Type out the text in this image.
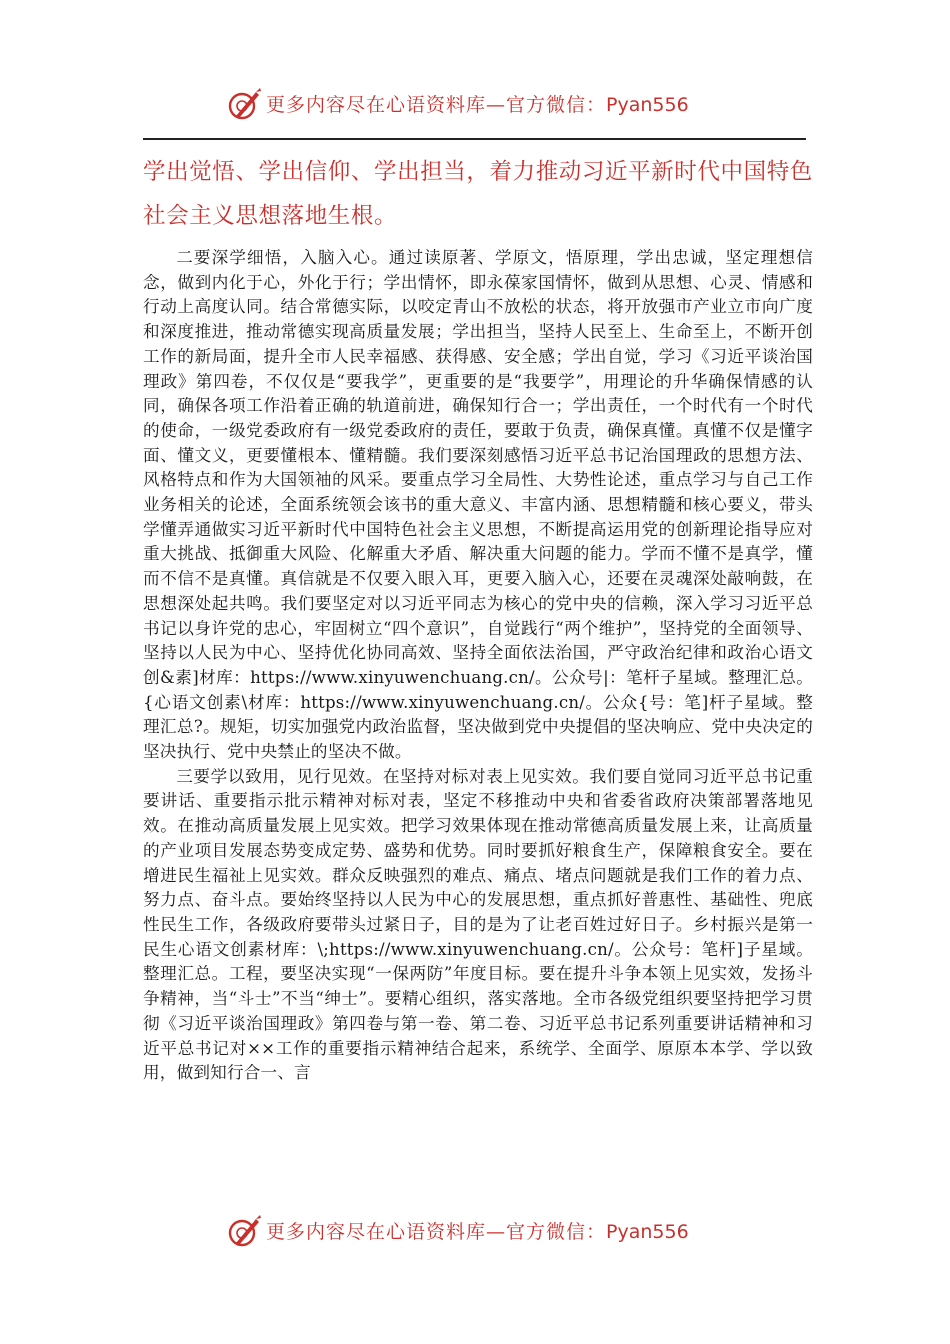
更多内容尽在心语资料库—官方微信：Pyan556
学出觉悟、学出信仰、学出担当，着力推动习近平新时代中国特色社会主义思想落地生根。

二要深学细悟，入脑入心。通过读原著、学原文，悟原理，学出忠诚，坚定理想信念，做到内化于心，外化于行；学出情怀，即永葆家国情怀，做到从思想、心灵、情感和行动上高度认同。结合常德实际，以咬定青山不放松的状态，将开放强市产业立市向广度和深度推进，推动常德实现高质量发展；学出担当，坚持人民至上、生命至上，不断开创工作的新局面，提升全市人民幸福感、获得感、安全感；学出自觉，学习《习近平谈治国理政》第四卷，不仅仅是“要我学”，更重要的是“我要学”，用理论的升华确保情感的认同，确保各项工作沿着正确的轨道前进，确保知行合一；学出责任，一个时代有一个时代的使命，一级党委政府有一级党委政府的责任，要敢于负责，确保真懂。真懂不仅是懂字面、懂文义，更要懂根本、懂精髓。我们要深刻感悟习近平总书记治国理政的思想方法、风格特点和作为大国领袖的风采。要重点学习全局性、大势性论述，重点学习与自己工作业务相关的论述，全面系统领会该书的重大意义、丰富内涵、思想精髓和核心要义，带头学懂弄通做实习近平新时代中国特色社会主义思想，不断提高运用党的创新理论指导应对重大挑战、抵御重大风险、化解重大矛盾、解决重大问题的能力。学而不懂不是真学，懂而不信不是真懂。真信就是不仅要入眼入耳，更要入脑入心，还要在灵魂深处敲响鼓，在思想深处起共鸣。我们要坚定对以习近平同志为核心的党中央的信赖，深入学习习近平总书记以身许党的忠心，牢固树立“四个意识”，自觉践行“两个维护”，坚持党的全面领导、坚持以人民为中心、坚持优化协同高效、坚持全面依法治国，严守政治纪律和政治心语文创&素]材库：https://www.xinyuwenchuang.cn/。公众号|：笔杆子星域。整理汇总。{心语文创素\材库：https://www.xinyuwenchuang.cn/。公众{号：笔]杆子星域。整理汇总?。规矩，切实加强党内政治监督，坚决做到党中央提倡的坚决响应、党中央决定的坚决执行、党中央禁止的坚决不做。

三要学以致用，见行见效。在坚持对标对表上见实效。我们要自觉同习近平总书记重要讲话、重要指示批示精神对标对表，坚定不移推动中央和省委省政府决策部署落地见效。在推动高质量发展上见实效。把学习效果体现在推动常德高质量发展上来，让高质量的产业项目发展态势变成定势、盛势和优势。同时要抓好粮食生产，保障粮食安全。要在增进民生福祉上见实效。群众反映强烈的难点、痛点、堵点问题就是我们工作的着力点、努力点、奋斗点。要始终坚持以人民为中心的发展思想，重点抓好普惠性、基础性、兜底性民生工作，各级政府要带头过紧日子，目的是为了让老百姓过好日子。乡村振兴是第一民生心语文创素材库：\;https://www.xinyuwenchuang.cn/。公众号：笔杆]子星域。整理汇总。工程，要坚决实现“一保两防”年度目标。要在提升斗争本领上见实效，发扬斗争精神，当“斗士”不当“绅士”。要精心组织，落实落地。全市各级党组织要坚持把学习贯彻《习近平谈治国理政》第四卷与第一卷、第二卷、习近平总书记系列重要讲话精神和习近平总书记对××工作的重要指示精神结合起来，系统学、全面学、原原本本学、学以致用，做到知行合一、言

更多内容尽在心语资料库—官方微信：Pyan556
